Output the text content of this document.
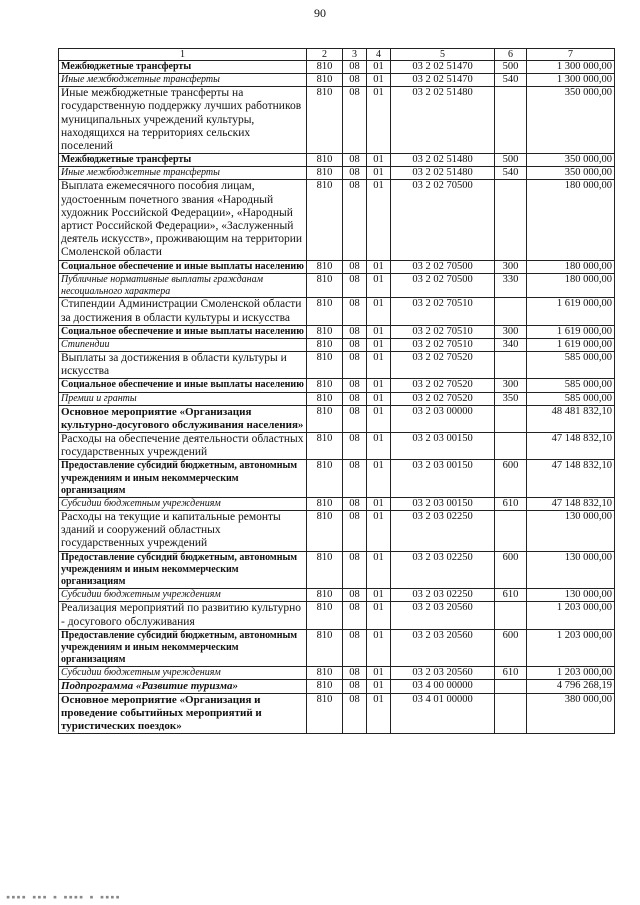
90
1	2	3	4	5	6	7
Межбюджетные трансферты	810	08	01	03 2 02 51470	500	1 300 000,00
Иные межбюджетные трансферты	810	08	01	03 2 02 51470	540	1 300 000,00
Иные межбюджетные трансферты на государственную поддержку лучших работников муниципальных учреждений культуры, находящихся на территориях сельских поселений	810	08	01	03 2 02 51480		350 000,00
Межбюджетные трансферты	810	08	01	03 2 02 51480	500	350 000,00
Иные межбюджетные трансферты	810	08	01	03 2 02 51480	540	350 000,00
Выплата ежемесячного пособия лицам, удостоенным почетного звания «Народный художник Российской Федерации», «Народный артист Российской Федерации», «Заслуженный деятель искусств», проживающим на территории Смоленской области	810	08	01	03 2 02 70500		180 000,00
Социальное обеспечение и иные выплаты населению	810	08	01	03 2 02 70500	300	180 000,00
Публичные нормативные выплаты гражданам несоциального характера	810	08	01	03 2 02 70500	330	180 000,00
Стипендии Администрации Смоленской области за достижения в области культуры и искусства	810	08	01	03 2 02 70510		1 619 000,00
Социальное обеспечение и иные выплаты населению	810	08	01	03 2 02 70510	300	1 619 000,00
Стипендии	810	08	01	03 2 02 70510	340	1 619 000,00
Выплаты за достижения в области культуры и искусства	810	08	01	03 2 02 70520		585 000,00
Социальное обеспечение и иные выплаты населению	810	08	01	03 2 02 70520	300	585 000,00
Премии и гранты	810	08	01	03 2 02 70520	350	585 000,00
Основное мероприятие «Организация культурно-досугового обслуживания населения»	810	08	01	03 2 03 00000		48 481 832,10
Расходы на обеспечение деятельности областных государственных учреждений	810	08	01	03 2 03 00150		47 148 832,10
Предоставление субсидий бюджетным, автономным учреждениям и иным некоммерческим организациям	810	08	01	03 2 03 00150	600	47 148 832,10
Субсидии бюджетным учреждениям	810	08	01	03 2 03 00150	610	47 148 832,10
Расходы на текущие и капитальные ремонты зданий и сооружений областных государственных учреждений	810	08	01	03 2 03 02250		130 000,00
Предоставление субсидий бюджетным, автономным учреждениям и иным некоммерческим организациям	810	08	01	03 2 03 02250	600	130 000,00
Субсидии бюджетным учреждениям	810	08	01	03 2 03 02250	610	130 000,00
Реализация мероприятий по развитию культурно - досугового обслуживания	810	08	01	03 2 03 20560		1 203 000,00
Предоставление субсидий бюджетным, автономным учреждениям и иным некоммерческим организациям	810	08	01	03 2 03 20560	600	1 203 000,00
Субсидии бюджетным учреждениям	810	08	01	03 2 03 20560	610	1 203 000,00
Подпрограмма «Развитие туризма»	810	08	01	03 4 00 00000		4 796 268,19
Основное мероприятие «Организация и проведение событийных мероприятий и туристических поездок»	810	08	01	03 4 01 00000		380 000,00
▪▪▪▪ ▪▪▪ ▪ ▪▪▪▪ ▪ ▪▪▪▪
